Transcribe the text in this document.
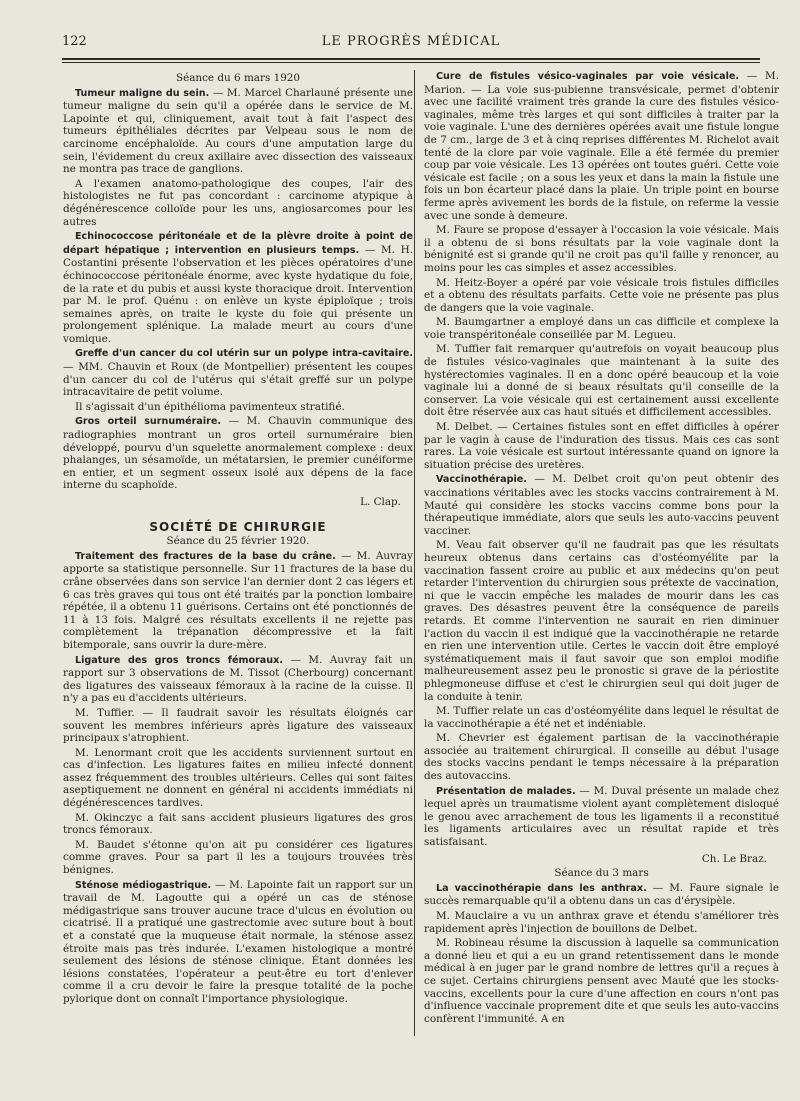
122	LE PROGRÈS MÉDICAL

Séance du 6 mars 1920

Tumeur maligne du sein. — M. Marcel Charlauné présente une tumeur maligne du sein qu'il a opérée dans le service de M. Lapointe et qui, cliniquement, avait tout à fait l'aspect des tumeurs épithéliales décrites par Velpeau sous le nom de carcinome encéphaloïde. Au cours d'une amputation large du sein, l'évidement du creux axillaire avec dissection des vaisseaux ne montra pas trace de ganglions.

A l'examen anatomo-pathologique des coupes, l'air des histologistes ne fut pas concordant : carcinome atypique à dégénérescence colloïde pour les uns, angiosarcomes pour les autres

Echinococcose péritonéale et de la plèvre droite à point de départ hépatique ; intervention en plusieurs temps. — M. H. Costantini présente l'observation et les pièces opératoires d'une échinococcose péritonéale énorme, avec kyste hydatique du foie, de la rate et du pubis et aussi kyste thoracique droit. Intervention par M. le prof. Quénu : on enlève un kyste épiploïque ; trois semaines après, on traite le kyste du foie qui présente un prolongement splénique. La malade meurt au cours d'une vomique.

Greffe d'un cancer du col utérin sur un polype intra-cavitaire. — MM. Chauvin et Roux (de Montpellier) présentent les coupes d'un cancer du col de l'utérus qui s'était greffé sur un polype intracavitaire de petit volume.

Il s'agissait d'un épithélioma pavimenteux stratifié.

Gros orteil surnuméraire. — M. Chauvin communique des radiographies montrant un gros orteil surnuméraire bien développé, pourvu d'un squelette anormalement complexe : deux phalanges, un sésamoïde, un métatarsien, le premier cunéiforme en entier, et un segment osseux isolé aux dépens de la face interne du scaphoïde.

L. Clap.
SOCIÉTÉ DE CHIRURGIE

Séance du 25 février 1920.

Traitement des fractures de la base du crâne. — M. Auvray apporte sa statistique personnelle. Sur 11 fractures de la base du crâne observées dans son service l'an dernier dont 2 cas légers et 6 cas très graves qui tous ont été traités par la ponction lombaire répétée, il a obtenu 11 guérisons. Certains ont été ponctionnés de 11 à 13 fois. Malgré ces résultats excellents il ne rejette pas complètement la trépanation décompressive et la fait bitemporale, sans ouvrir la dure-mère.

Ligature des gros troncs fémoraux. — M. Auvray fait un rapport sur 3 observations de M. Tissot (Cherbourg) concernant des ligatures des vaisseaux fémoraux à la racine de la cuisse. Il n'y a pas eu d'accidents ultérieurs.

M. Tuffier. — Il faudrait savoir les résultats éloignés car souvent les membres inférieurs après ligature des vaisseaux principaux s'atrophient.

M. Lenormant croit que les accidents surviennent surtout en cas d'infection. Les ligatures faites en milieu infecté donnent assez fréquemment des troubles ultérieurs. Celles qui sont faites aseptiquement ne donnent en général ni accidents immédiats ni dégénérescences tardives.

M. Okinczyc a fait sans accident plusieurs ligatures des gros troncs fémoraux.

M. Baudet s'étonne qu'on ait pu considérer ces ligatures comme graves. Pour sa part il les a toujours trouvées très bénignes.

Sténose médiogastrique. — M. Lapointe fait un rapport sur un travail de M. Lagoutte qui a opéré un cas de sténose médigastrique sans trouver aucune trace d'ulcus en évolution ou cicatrisé. Il a pratiqué une gastrectomie avec suture bout à bout et a constaté que la muqueuse était normale, la sténose assez étroite mais pas très indurée. L'examen histologique a montré seulement des lésions de sténose clinique. Étant données les lésions constatées, l'opérateur a peut-être eu tort d'enlever comme il a cru devoir le faire la presque totalité de la poche pylorique dont on connaît l'importance physiologique.

Cure de fistules vésico-vaginales par voie vésicale. — M. Marion. — La voie sus-pubienne transvésicale, permet d'obtenir avec une facilité vraiment très grande la cure des fistules vésico-vaginales, même très larges et qui sont difficiles à traiter par la voie vaginale. L'une des dernières opérées avait une fistule longue de 7 cm., large de 3 et à cinq reprises différentes M. Richelot avait tenté de la clore par voie vaginale. Elle a été fermée du premier coup par voie vésicale. Les 13 opérées ont toutes guéri. Cette voie vésicale est facile ; on a sous les yeux et dans la main la fistule une fois un bon écarteur placé dans la plaie. Un triple point en bourse ferme après avivement les bords de la fistule, on referme la vessie avec une sonde à demeure.

M. Faure se propose d'essayer à l'occasion la voie vésicale. Mais il a obtenu de si bons résultats par la voie vaginale dont la bénignité est si grande qu'il ne croit pas qu'il faille y renoncer, au moins pour les cas simples et assez accessibles.

M. Heitz-Boyer a opéré par voie vésicale trois fistules difficiles et a obtenu des résultats parfaits. Cette voie ne présente pas plus de dangers que la voie vaginale.

M. Baumgartner a employé dans un cas difficile et complexe la voie transpéritonéale conseillée par M. Legueu.

M. Tuffier fait remarquer qu'autrefois on voyait beaucoup plus de fistules vésico-vaginales que maintenant à la suite des hystérectomies vaginales. Il en a donc opéré beaucoup et la voie vaginale lui a donné de si beaux résultats qu'il conseille de la conserver. La voie vésicale qui est certainement aussi excellente doit être réservée aux cas haut situés et difficilement accessibles.

M. Delbet. — Certaines fistules sont en effet difficiles à opérer par le vagin à cause de l'induration des tissus. Mais ces cas sont rares. La voie vésicale est surtout intéressante quand on ignore la situation précise des uretères.

Vaccinothérapie. — M. Delbet croit qu'on peut obtenir des vaccinations véritables avec les stocks vaccins contrairement à M. Mauté qui considère les stocks vaccins comme bons pour la thérapeutique immédiate, alors que seuls les auto-vaccins peuvent vacciner.

M. Veau fait observer qu'il ne faudrait pas que les résultats heureux obtenus dans certains cas d'ostéomyélite par la vaccination fassent croire au public et aux médecins qu'on peut retarder l'intervention du chirurgien sous prétexte de vaccination, ni que le vaccin empêche les malades de mourir dans les cas graves. Des désastres peuvent être la conséquence de pareils retards. Et comme l'intervention ne saurait en rien diminuer l'action du vaccin il est indiqué que la vaccinothérapie ne retarde en rien une intervention utile. Certes le vaccin doit être employé systématiquement mais il faut savoir que son emploi modifie malheureusement assez peu le pronostic si grave de la périostite phlegmoneuse diffuse et c'est le chirurgien seul qui doit juger de la conduite à tenir.

M. Tuffier relate un cas d'ostéomyélite dans lequel le résultat de la vaccinothérapie a été net et indéniable.

M. Chevrier est également partisan de la vaccinothérapie associée au traitement chirurgical. Il conseille au début l'usage des stocks vaccins pendant le temps nécessaire à la préparation des autovaccins.

Présentation de malades. — M. Duval présente un malade chez lequel après un traumatisme violent ayant complètement disloqué le genou avec arrachement de tous les ligaments il a reconstitué les ligaments articulaires avec un résultat rapide et très satisfaisant.

Ch. Le Braz.

Séance du 3 mars

La vaccinothérapie dans les anthrax. — M. Faure signale le succès remarquable qu'il a obtenu dans un cas d'érysipèle.

M. Mauclaire a vu un anthrax grave et étendu s'améliorer très rapidement après l'injection de bouillons de Delbet.

M. Robineau résume la discussion à laquelle sa communication a donné lieu et qui a eu un grand retentissement dans le monde médical à en juger par le grand nombre de lettres qu'il a reçues à ce sujet. Certains chirurgiens pensent avec Mauté que les stocks-vaccins, excellents pour la cure d'une affection en cours n'ont pas d'influence vaccinale proprement dite et que seuls les auto-vaccins confèrent l'immunité. A en
